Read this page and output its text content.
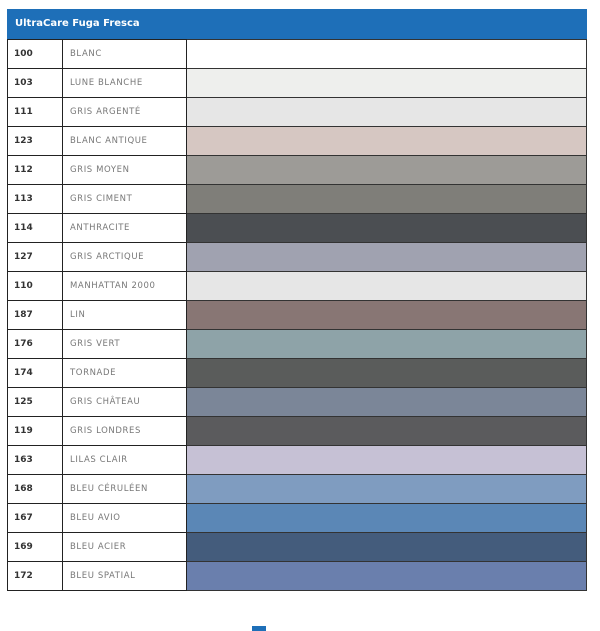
UltraCare Fuga Fresca
100	BLANC	
103	LUNE BLANCHE	
111	GRIS ARGENTÉ	
123	BLANC ANTIQUE	
112	GRIS MOYEN	
113	GRIS CIMENT	
114	ANTHRACITE	
127	GRIS ARCTIQUE	
110	MANHATTAN 2000	
187	LIN	
176	GRIS VERT	
174	TORNADE	
125	GRIS CHÂTEAU	
119	GRIS LONDRES	
163	LILAS CLAIR	
168	BLEU CÉRULÉEN	
167	BLEU AVIO	
169	BLEU ACIER	
172	BLEU SPATIAL	
